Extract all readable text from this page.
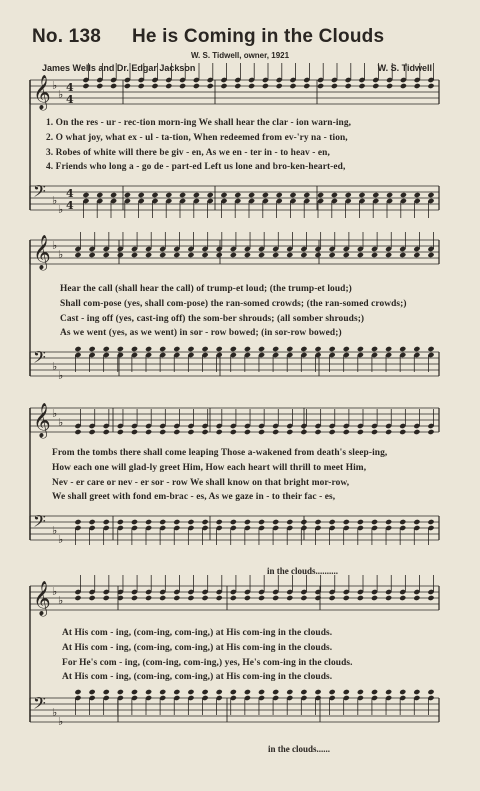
𝄞 ♭
♭
4
4
𝄢 ♭
♭
4
4
𝄞 ♭
♭
𝄢 ♭
♭
𝄞 ♭
♭
𝄢 ♭
♭
𝄞 ♭
♭
𝄢 ♭
♭
No. 138 He is Coming in the Clouds
W. S. Tidwell, owner, 1921
James Wells and Dr. Edgar Jackson	W. S. Tidwell
1. On the res - ur - rec-tion morn-ing We shall hear the clar - ion warn-ing,
2. O what joy, what ex - ul - ta-tion, When redeemed from ev-'ry na - tion,
3. Robes of white will there be giv - en, As we en - ter in - to heav - en,
4. Friends who long a - go de - part-ed Left us lone and bro-ken-heart-ed,
Hear the call (shall hear the call) of trump-et loud; (the trump-et loud;)
Shall com-pose (yes, shall com-pose) the ran-somed crowds; (the ran-somed crowds;)
Cast - ing off (yes, cast-ing off) the som-ber shrouds; (all somber shrouds;)
As we went (yes, as we went) in sor - row bowed; (in sor-row bowed;)
From the tombs there shall come leaping Those a-wakened from death's sleep-ing,
How each one will glad-ly greet Him, How each heart will thrill to meet Him,
Nev - er care or nev - er sor - row We shall know on that bright mor-row,
We shall greet with fond em-brac - es, As we gaze in - to their fac - es,
in the clouds..........
At His com - ing, (com-ing, com-ing,) at His com-ing in the clouds.
At His com - ing, (com-ing, com-ing,) at His com-ing in the clouds.
For He's com - ing, (com-ing, com-ing,) yes, He's com-ing in the clouds.
At His com - ing, (com-ing, com-ing,) at His com-ing in the clouds.
in the clouds......
